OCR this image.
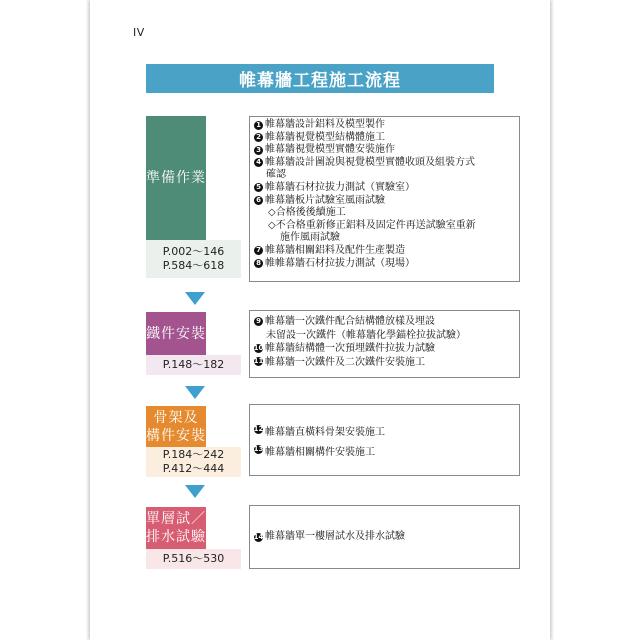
IV
帷幕牆工程施工流程
準備作業
P.002～146
P.584～618
1 帷幕牆設計鋁料及模型製作
2 帷幕牆視覺模型結構體施工
3 帷幕牆視覺模型實體安裝施作
4 帷幕牆設計圖說與視覺模型實體收頭及組裝方式
確認
5 帷幕牆石材拉拔力測試（實驗室）
6 帷幕牆板片試驗室風雨試驗
◇合格後後續施工
◇不合格重新修正鋁料及固定件再送試驗室重新
施作風雨試驗
7 帷幕牆相關鋁料及配件生產製造
8 帷帷幕牆石材拉拔力測試（現場）
鐵件安裝
P.148～182
9 帷幕牆一次鐵件配合結構體放樣及埋設
未留設一次鐵件（帷幕牆化學錨栓拉拔試驗）
10 帷幕牆結構體一次預埋鐵件拉拔力試驗
11 帷幕牆一次鐵件及二次鐵件安裝施工
骨架及
構件安裝
P.184～242
P.412～444
12 帷幕牆直橫料骨架安裝施工
13 帷幕牆相關構件安裝施工
單層試／
排水試驗
P.516～530
14 帷幕牆單一樓層試水及排水試驗
